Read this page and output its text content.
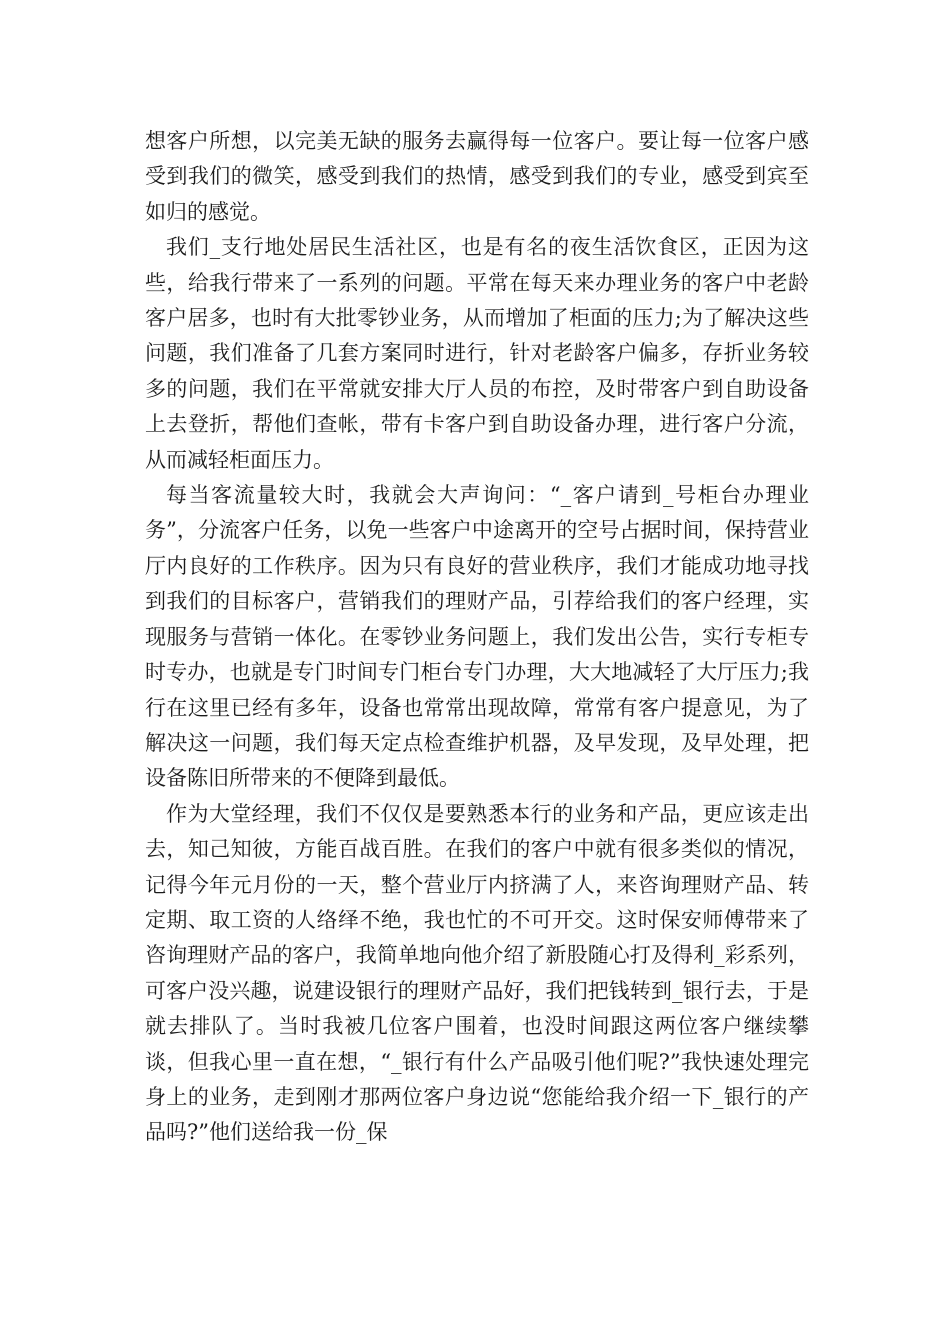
想客户所想，以完美无缺的服务去赢得每一位客户。要让每一位客户感受到我们的微笑，感受到我们的热情，感受到我们的专业，感受到宾至如归的感觉。

我们_支行地处居民生活社区，也是有名的夜生活饮食区，正因为这些，给我行带来了一系列的问题。平常在每天来办理业务的客户中老龄客户居多，也时有大批零钞业务，从而增加了柜面的压力;为了解决这些问题，我们准备了几套方案同时进行，针对老龄客户偏多，存折业务较多的问题，我们在平常就安排大厅人员的布控，及时带客户到自助设备上去登折，帮他们查帐，带有卡客户到自助设备办理，进行客户分流，从而减轻柜面压力。

每当客流量较大时，我就会大声询问：“_客户请到_号柜台办理业务”，分流客户任务，以免一些客户中途离开的空号占据时间，保持营业厅内良好的工作秩序。因为只有良好的营业秩序，我们才能成功地寻找到我们的目标客户，营销我们的理财产品，引荐给我们的客户经理，实现服务与营销一体化。在零钞业务问题上，我们发出公告，实行专柜专时专办，也就是专门时间专门柜台专门办理，大大地减轻了大厅压力;我行在这里已经有多年，设备也常常出现故障，常常有客户提意见，为了解决这一问题，我们每天定点检查维护机器，及早发现，及早处理，把设备陈旧所带来的不便降到最低。

作为大堂经理，我们不仅仅是要熟悉本行的业务和产品，更应该走出去，知己知彼，方能百战百胜。在我们的客户中就有很多类似的情况，记得今年元月份的一天，整个营业厅内挤满了人，来咨询理财产品、转定期、取工资的人络绎不绝，我也忙的不可开交。这时保安师傅带来了咨询理财产品的客户，我简单地向他介绍了新股随心打及得利_彩系列，可客户没兴趣，说建设银行的理财产品好，我们把钱转到_银行去，于是就去排队了。当时我被几位客户围着，也没时间跟这两位客户继续攀谈，但我心里一直在想，“_银行有什么产品吸引他们呢?”我快速处理完身上的业务，走到刚才那两位客户身边说“您能给我介绍一下_银行的产品吗?”他们送给我一份_保
